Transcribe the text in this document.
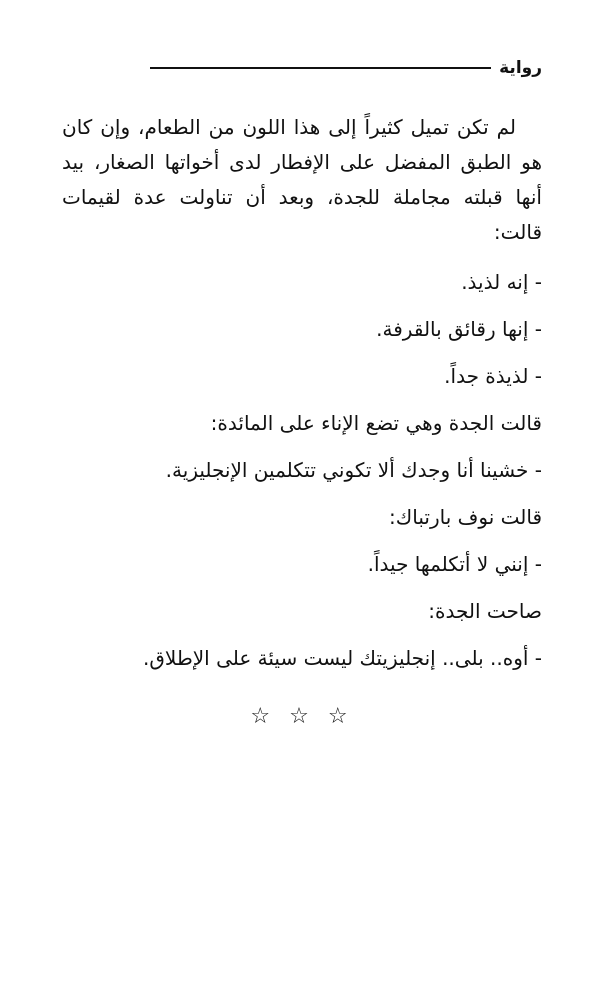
رواية

لم تكن تميل كثيراً إلى هذا اللون من الطعام، وإن كان هو الطبق المفضل على الإفطار لدى أخواتها الصغار، بيد أنها قبلته مجاملة للجدة، وبعد أن تناولت عدة لقيمات قالت:

- إنه لذيذ.

- إنها رقائق بالقرفة.

- لذيذة جداً.

قالت الجدة وهي تضع الإناء على المائدة:

- خشينا أنا وجدك ألا تكوني تتكلمين الإنجليزية.

قالت نوف بارتباك:

- إنني لا أتكلمها جيداً.

صاحت الجدة:

- أوه.. بلى.. إنجليزيتك ليست سيئة على الإطلاق.

☆ ☆ ☆
